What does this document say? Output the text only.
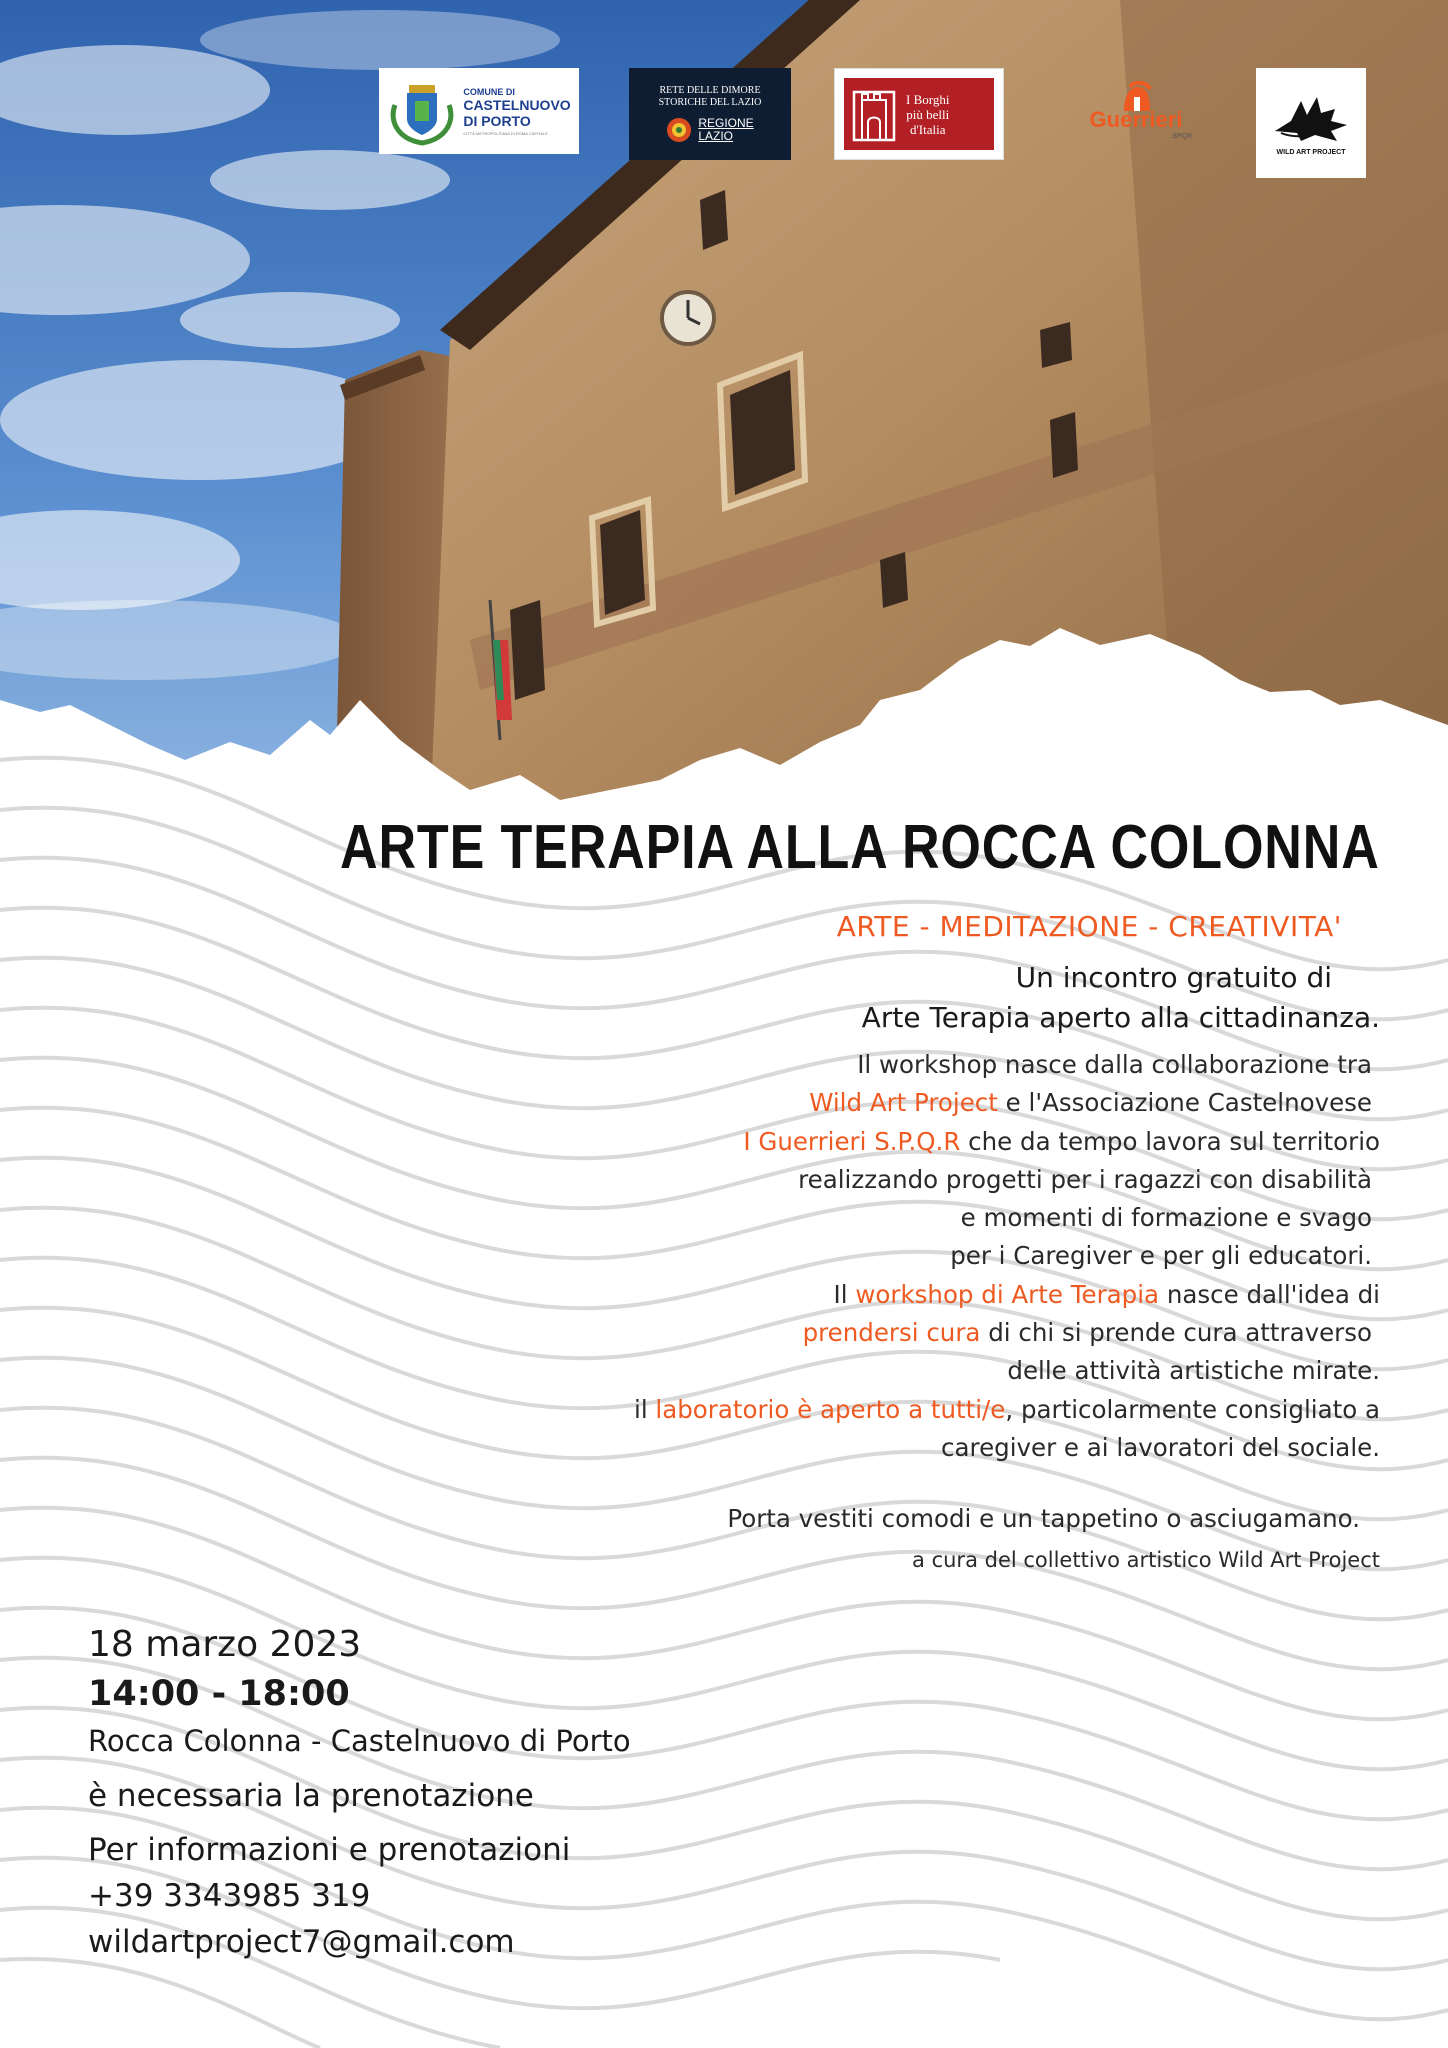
COMUNE DI
CASTELNUOVO
DI PORTO
CITTÀ METROPOLITANA DI ROMA CAPITALE
RETE DELLE DIMORE
STORICHE DEL LAZIO
REGIONE
LAZIO
I Borghi
più belli
d'Italia	Guerrieri
SPQR
WILD ART PROJECT
ARTE TERAPIA ALLA ROCCA COLONNA
ARTE - MEDITAZIONE - CREATIVITA'
Un incontro gratuito di
Arte Terapia aperto alla cittadinanza.
Il workshop nasce dalla collaborazione tra
Wild Art Project e l'Associazione Castelnovese
I Guerrieri S.P.Q.R che da tempo lavora sul territorio
realizzando progetti per i ragazzi con disabilità
e momenti di formazione e svago
per i Caregiver e per gli educatori.
Il workshop di Arte Terapia nasce dall'idea di
prendersi cura di chi si prende cura attraverso
delle attività artistiche mirate.
il laboratorio è aperto a tutti/e, particolarmente consigliato a
caregiver e ai lavoratori del sociale.
Porta vestiti comodi e un tappetino o asciugamano.
a cura del collettivo artistico Wild Art Project
18 marzo 2023
14:00 - 18:00
Rocca Colonna - Castelnuovo di Porto
è necessaria la prenotazione
Per informazioni e prenotazioni
+39 3343985 319
wildartproject7@gmail.com
